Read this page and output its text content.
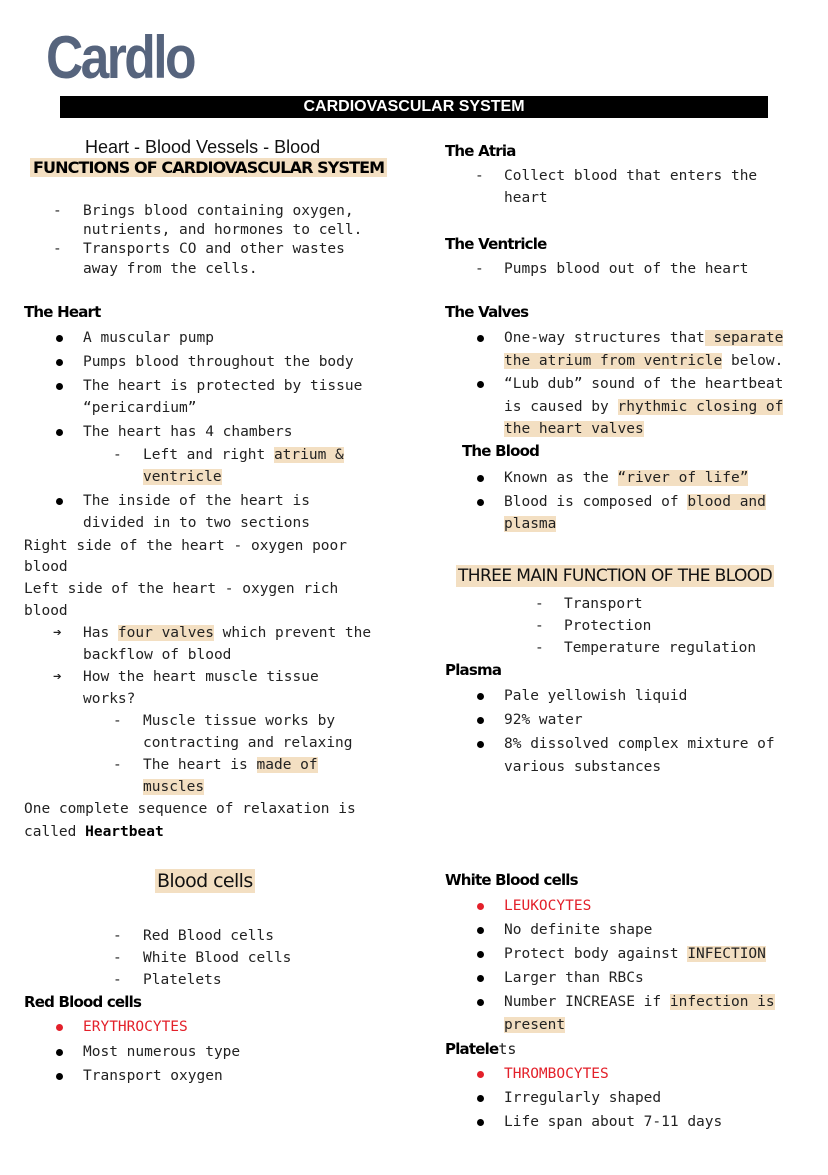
Cardlo
CARDIOVASCULAR SYSTEM
Heart - Blood Vessels - Blood
FUNCTIONS OF CARDIOVASCULAR SYSTEM
- Brings blood containing oxygen,
nutrients, and hormones to cell.
- Transports CO and other wastes
away from the cells.
The Heart
A muscular pump
Pumps blood throughout the body
The heart is protected by tissue
“pericardium”
The heart has 4 chambers
- Left and right atrium &
ventricle
The inside of the heart is
divided in to two sections
Right side of the heart - oxygen poor
blood
Left side of the heart - oxygen rich
blood
➔ Has four valves which prevent the
backflow of blood
➔ How the heart muscle tissue
works?
- Muscle tissue works by
contracting and relaxing
- The heart is made of
muscles
One complete sequence of relaxation is
called Heartbeat
Blood cells
- Red Blood cells
- White Blood cells
- Platelets
Red Blood cells
ERYTHROCYTES
Most numerous type
Transport oxygen
The Atria
- Collect blood that enters the
heart
The Ventricle
- Pumps blood out of the heart
The Valves
One-way structures that separate
the atrium from ventricle below.
“Lub dub” sound of the heartbeat
is caused by rhythmic closing of
the heart valves
The Blood
Known as the “river of life”
Blood is composed of blood and
plasma
THREE MAIN FUNCTION OF THE BLOOD
- Transport
- Protection
- Temperature regulation
Plasma
Pale yellowish liquid
92% water
8% dissolved complex mixture of
various substances
White Blood cells
LEUKOCYTES
No definite shape
Protect body against INFECTION
Larger than RBCs
Number INCREASE if infection is
present
Platelets
THROMBOCYTES
Irregularly shaped
Life span about 7-11 days
